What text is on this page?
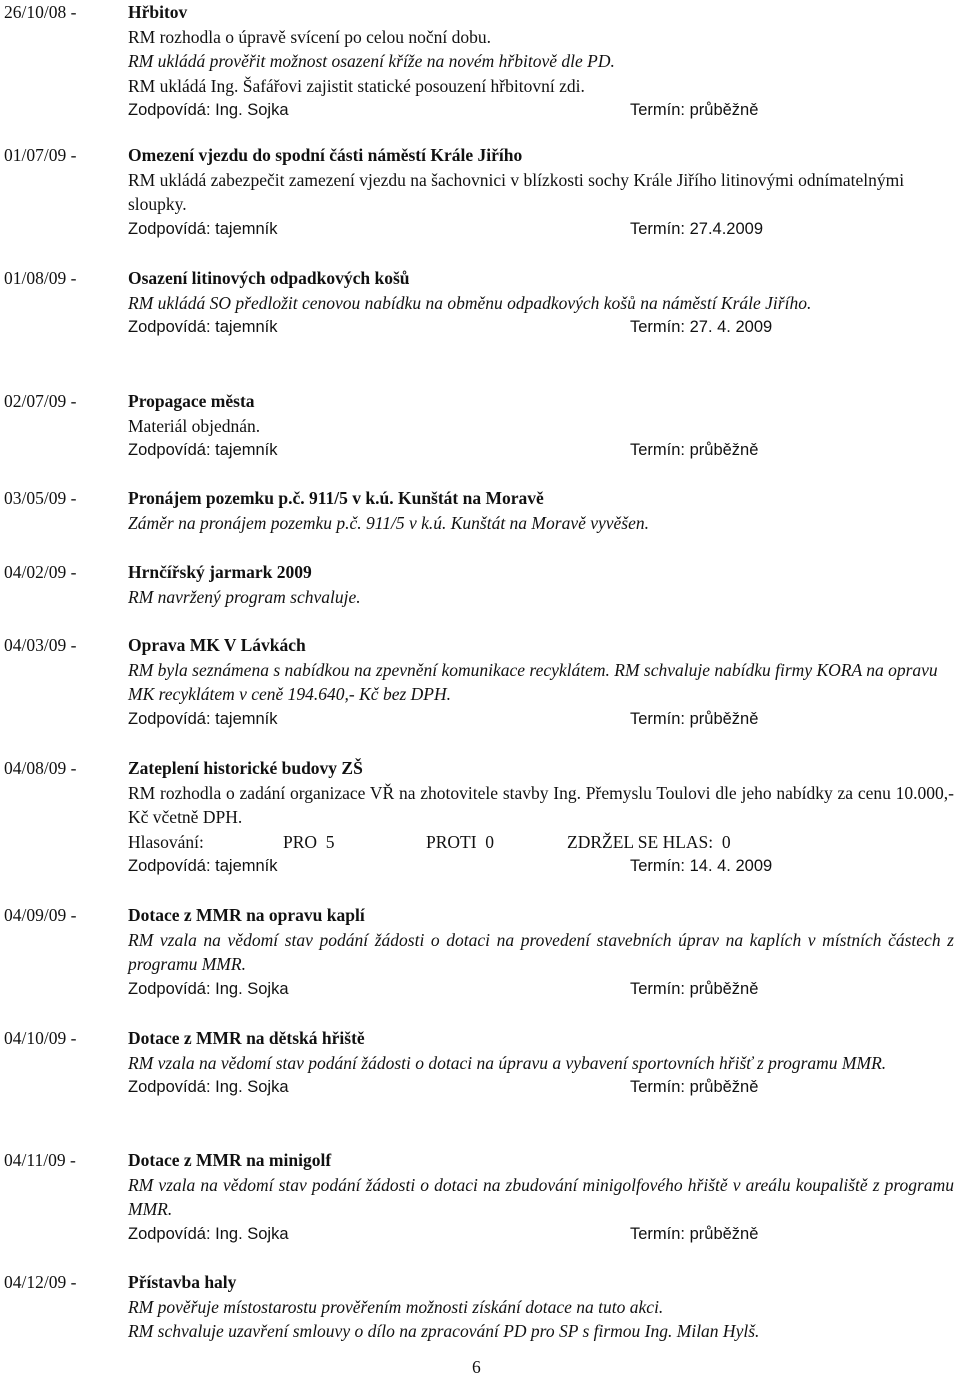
26/10/08 -	Hřbitov
RM rozhodla o úpravě svícení po celou noční dobu.
RM ukládá prověřit možnost osazení kříže na novém hřbitově dle PD.
RM ukládá Ing. Šafářovi zajistit statické posouzení hřbitovní zdi.
Zodpovídá: Ing. Sojka	Termín: průběžně
01/07/09 -	Omezení vjezdu do spodní části náměstí Krále Jiřího
RM ukládá zabezpečit zamezení vjezdu na šachovnici v blízkosti sochy Krále Jiřího litinovými odnímatelnými sloupky.
Zodpovídá: tajemník	Termín: 27.4.2009
01/08/09 -	Osazení litinových odpadkových košů
RM ukládá SO předložit cenovou nabídku na obměnu odpadkových košů na náměstí Krále Jiřího.
Zodpovídá: tajemník	Termín: 27. 4. 2009
02/07/09 -	Propagace města
Materiál objednán.
Zodpovídá: tajemník	Termín: průběžně
03/05/09 -	Pronájem pozemku p.č. 911/5 v k.ú. Kunštát na Moravě
Záměr na pronájem pozemku p.č. 911/5 v k.ú. Kunštát na Moravě vyvěšen.
04/02/09 -	Hrnčířský jarmark 2009
RM navržený program schvaluje.
04/03/09 -	Oprava MK V Lávkách
RM byla seznámena s nabídkou na zpevnění komunikace recyklátem. RM schvaluje nabídku firmy KORA na opravu MK recyklátem v ceně 194.640,- Kč bez DPH.
Zodpovídá: tajemník	Termín: průběžně
04/08/09 -	Zateplení historické budovy ZŠ
RM rozhodla o zadání organizace VŘ na zhotovitele stavby Ing. Přemyslu Toulovi dle jeho nabídky za cenu 10.000,-Kč včetně DPH.
Hlasování:	PRO  5	PROTI  0	ZDRŽEL SE HLAS:  0
Zodpovídá: tajemník	Termín: 14. 4. 2009
04/09/09 -	Dotace z MMR na opravu kaplí
RM vzala na vědomí stav podání žádosti o dotaci na provedení stavebních úprav na kaplích v místních částech z programu MMR.
Zodpovídá: Ing. Sojka	Termín: průběžně
04/10/09 -	Dotace z MMR na dětská hřiště
RM vzala na vědomí stav podání žádosti o dotaci na úpravu a vybavení sportovních hřišť z programu MMR.
Zodpovídá: Ing. Sojka	Termín: průběžně
04/11/09 -	Dotace z MMR na minigolf
RM vzala na vědomí stav podání žádosti o dotaci na zbudování minigolfového hřiště v areálu koupaliště z programu MMR.
Zodpovídá: Ing. Sojka	Termín: průběžně
04/12/09 -	Přístavba haly
RM pověřuje místostarostu prověřením možnosti získání dotace na tuto akci.
RM schvaluje uzavření smlouvy o dílo na zpracování PD pro SP s firmou Ing. Milan Hylš.
6
